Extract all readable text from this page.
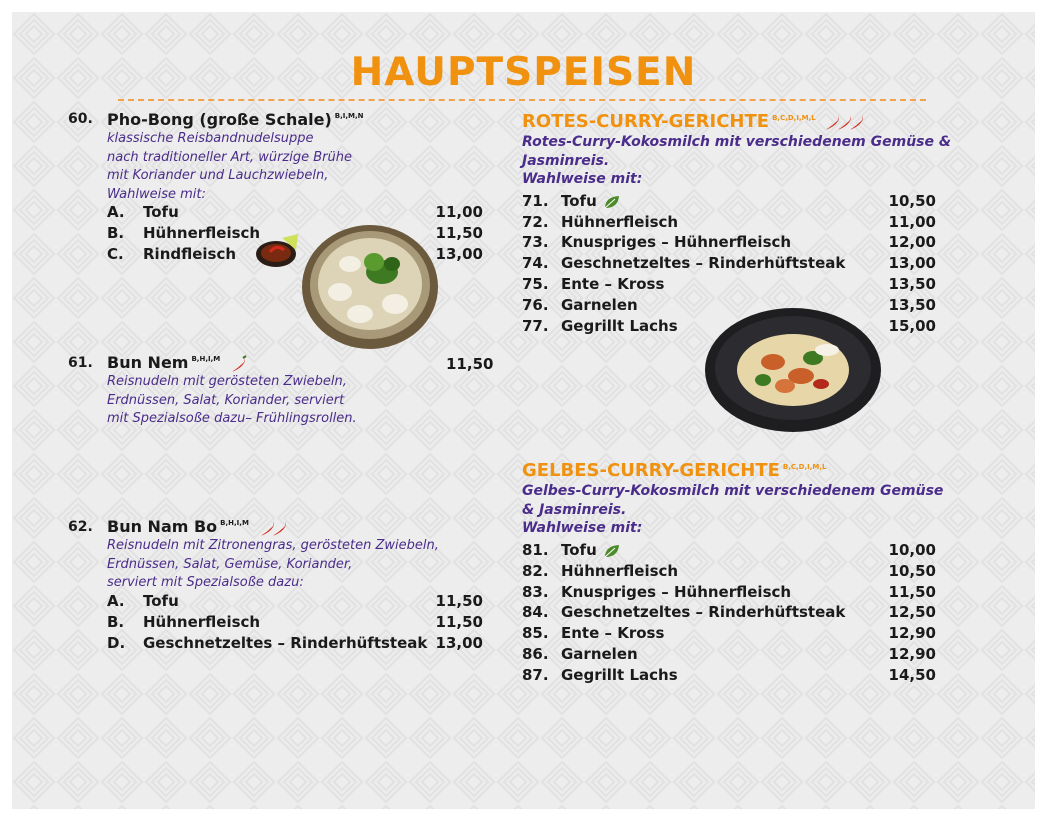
HAUPTSPEISEN
60. Pho-Bong (große Schale) $^{B,I,M,N}$
klassische Reisbandnudelsuppe
nach traditioneller Art, würzige Brühe
mit Koriander und Lauchzwiebeln,
Wahlweise mit:
A. Tofu	11,00
B. Hühnerfleisch	11,50
C. Rindfleisch	13,00
61. Bun Nem $^{B,H,I,M}$	11,50
Reisnudeln mit gerösteten Zwiebeln,
Erdnüssen, Salat, Koriander, serviert
mit Spezialsoße dazu– Frühlingsrollen.
62. Bun Nam Bo $^{B,H,I,M}$
Reisnudeln mit Zitronengras, gerösteten Zwiebeln,
Erdnüssen, Salat, Gemüse, Koriander,
serviert mit Spezialsoße dazu:
A. Tofu	11,50
B. Hühnerfleisch	11,50
D. Geschnetzeltes – Rinderhüftsteak 13,00
ROTES-CURRY-GERICHTE $^{B,C,D,I,M,L}$
Rotes-Curry-Kokosmilch mit verschiedenem Gemüse &
Jasminreis.
Wahlweise mit:
71. Tofu	10,50
72. Hühnerfleisch	11,00
73. Knuspriges – Hühnerfleisch	12,00
74. Geschnetzeltes – Rinderhüftsteak	13,00
75. Ente – Kross	13,50
76. Garnelen	13,50
77. Gegrillt Lachs	15,00
GELBES-CURRY-GERICHTE $^{B,C,D,I,M,L}$
Gelbes-Curry-Kokosmilch mit verschiedenem Gemüse
& Jasminreis.
Wahlweise mit:
81. Tofu	10,00
82. Hühnerfleisch	10,50
83. Knuspriges – Hühnerfleisch	11,50
84. Geschnetzeltes – Rinderhüftsteak	12,50
85. Ente – Kross	12,90
86. Garnelen	12,90
87. Gegrillt Lachs	14,50
